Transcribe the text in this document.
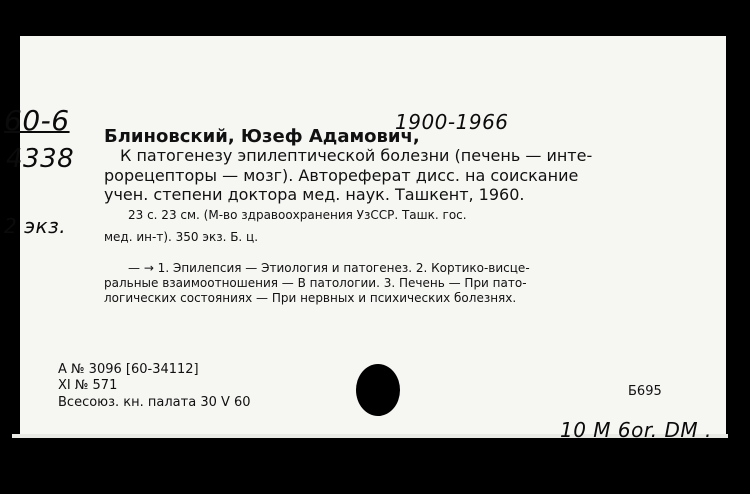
60-6
4338
2 экз.
1900-1966
10 M 6or. DM .
Блиновский, Юзеф Адамович,
К патогенезу эпилептической болезни (печень — инте-
рорецепторы — мозг). Автореферат дисс. на соискание
учен. степени доктора мед. наук. Ташкент, 1960.
23 с. 23 см. (М-во здравоохранения УзССР. Ташк. гос.
мед. ин-т). 350 экз. Б. ц.
— → 1. Эпилепсия — Этиология и патогенез. 2. Кортико-висце-
ральные взаимоотношения — В патологии. 3. Печень — При пато-
логических состояниях — При нервных и психических болезнях.
А № 3096 [60-34112]
XI № 571
Всесоюз. кн. палата 30 V 60
Б695
